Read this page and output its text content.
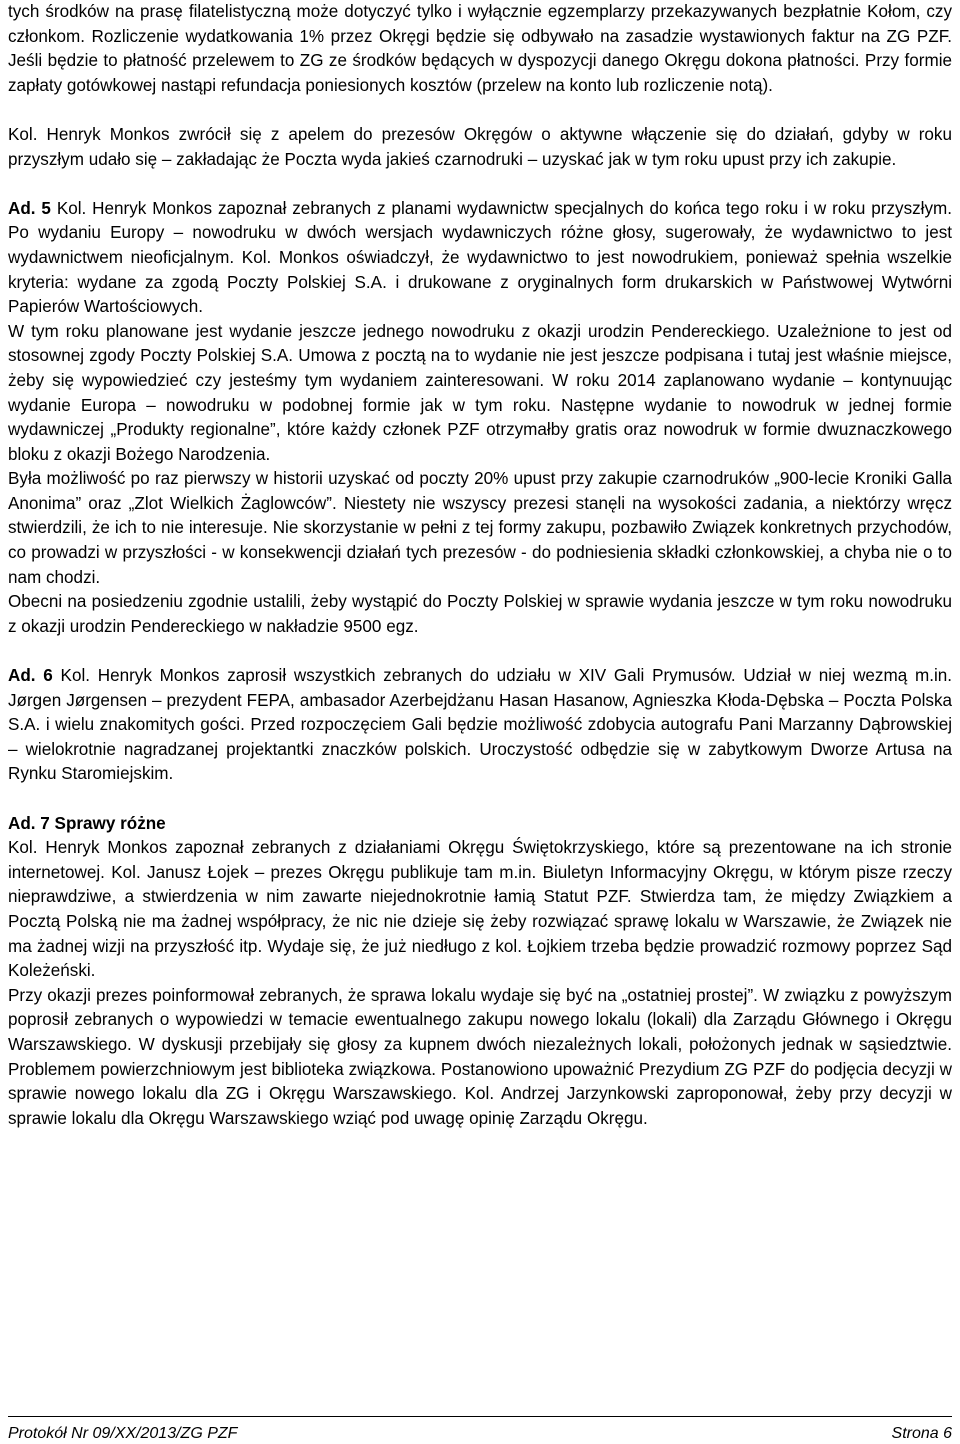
tych środków na prasę filatelistyczną może dotyczyć tylko i wyłącznie egzemplarzy przekazywanych bezpłatnie Kołom, czy członkom. Rozliczenie wydatkowania 1% przez Okręgi będzie się odbywało na zasadzie wystawionych faktur na ZG PZF. Jeśli będzie to płatność przelewem to ZG ze środków będących w dyspozycji danego Okręgu dokona płatności. Przy formie zapłaty gotówkowej nastąpi refundacja poniesionych kosztów (przelew na konto lub rozliczenie notą).

Kol. Henryk Monkos zwrócił się z apelem do prezesów Okręgów o aktywne włączenie się do działań, gdyby w roku przyszłym udało się – zakładając że Poczta wyda jakieś czarnodruki – uzyskać jak w tym roku upust przy ich zakupie.

Ad. 5 Kol. Henryk Monkos zapoznał zebranych z planami wydawnictw specjalnych do końca tego roku i w roku przyszłym. Po wydaniu Europy – nowodruku w dwóch wersjach wydawniczych różne głosy, sugerowały, że wydawnictwo to jest wydawnictwem nieoficjalnym. Kol. Monkos oświadczył, że wydawnictwo to jest nowodrukiem, ponieważ spełnia wszelkie kryteria: wydane za zgodą Poczty Polskiej S.A. i drukowane z oryginalnych form drukarskich w Państwowej Wytwórni Papierów Wartościowych.

W tym roku planowane jest wydanie jeszcze jednego nowodruku z okazji urodzin Pendereckiego. Uzależnione to jest od stosownej zgody Poczty Polskiej S.A. Umowa z pocztą na to wydanie nie jest jeszcze podpisana i tutaj jest właśnie miejsce, żeby się wypowiedzieć czy jesteśmy tym wydaniem zainteresowani. W roku 2014 zaplanowano wydanie – kontynuując wydanie Europa – nowodruku w podobnej formie jak w tym roku. Następne wydanie to nowodruk w jednej formie wydawniczej „Produkty regionalne”, które każdy członek PZF otrzymałby gratis oraz nowodruk w formie dwuznaczkowego bloku z okazji Bożego Narodzenia.

Była możliwość po raz pierwszy w historii uzyskać od poczty 20% upust przy zakupie czarnodruków „900-lecie Kroniki Galla Anonima” oraz „Zlot Wielkich Żaglowców”. Niestety nie wszyscy prezesi stanęli na wysokości zadania, a niektórzy wręcz stwierdzili, że ich to nie interesuje. Nie skorzystanie w pełni z tej formy zakupu, pozbawiło Związek konkretnych przychodów, co prowadzi w przyszłości - w konsekwencji działań tych prezesów - do podniesienia składki członkowskiej, a chyba nie o to nam chodzi.

Obecni na posiedzeniu zgodnie ustalili, żeby wystąpić do Poczty Polskiej w sprawie wydania jeszcze w tym roku nowodruku z okazji urodzin Pendereckiego w nakładzie 9500 egz.

Ad. 6 Kol. Henryk Monkos zaprosił wszystkich zebranych do udziału w XIV Gali Prymusów. Udział w niej wezmą m.in. Jørgen Jørgensen – prezydent FEPA, ambasador Azerbejdżanu Hasan Hasanow, Agnieszka Kłoda-Dębska – Poczta Polska S.A. i wielu znakomitych gości. Przed rozpoczęciem Gali będzie możliwość zdobycia autografu Pani Marzanny Dąbrowskiej – wielokrotnie nagradzanej projektantki znaczków polskich. Uroczystość odbędzie się w zabytkowym Dworze Artusa na Rynku Staromiejskim.

Ad. 7 Sprawy różne

Kol. Henryk Monkos zapoznał zebranych z działaniami Okręgu Świętokrzyskiego, które są prezentowane na ich stronie internetowej. Kol. Janusz Łojek – prezes Okręgu publikuje tam m.in. Biuletyn Informacyjny Okręgu, w którym pisze rzeczy nieprawdziwe, a stwierdzenia w nim zawarte niejednokrotnie łamią Statut PZF. Stwierdza tam, że między Związkiem a Pocztą Polską nie ma żadnej współpracy, że nic nie dzieje się żeby rozwiązać sprawę lokalu w Warszawie, że Związek nie ma żadnej wizji na przyszłość itp. Wydaje się, że już niedługo z kol. Łojkiem trzeba będzie prowadzić rozmowy poprzez Sąd Koleżeński.

Przy okazji prezes poinformował zebranych, że sprawa lokalu wydaje się być na „ostatniej prostej”. W związku z powyższym poprosił zebranych o wypowiedzi w temacie ewentualnego zakupu nowego lokalu (lokali) dla Zarządu Głównego i Okręgu Warszawskiego. W dyskusji przebijały się głosy za kupnem dwóch niezależnych lokali, położonych jednak w sąsiedztwie. Problemem powierzchniowym jest biblioteka związkowa. Postanowiono upoważnić Prezydium ZG PZF do podjęcia decyzji w sprawie nowego lokalu dla ZG i Okręgu Warszawskiego. Kol. Andrzej Jarzynkowski zaproponował, żeby przy decyzji w sprawie lokalu dla Okręgu Warszawskiego wziąć pod uwagę opinię Zarządu Okręgu.

Protokół Nr 09/XX/2013/ZG PZF	Strona 6
